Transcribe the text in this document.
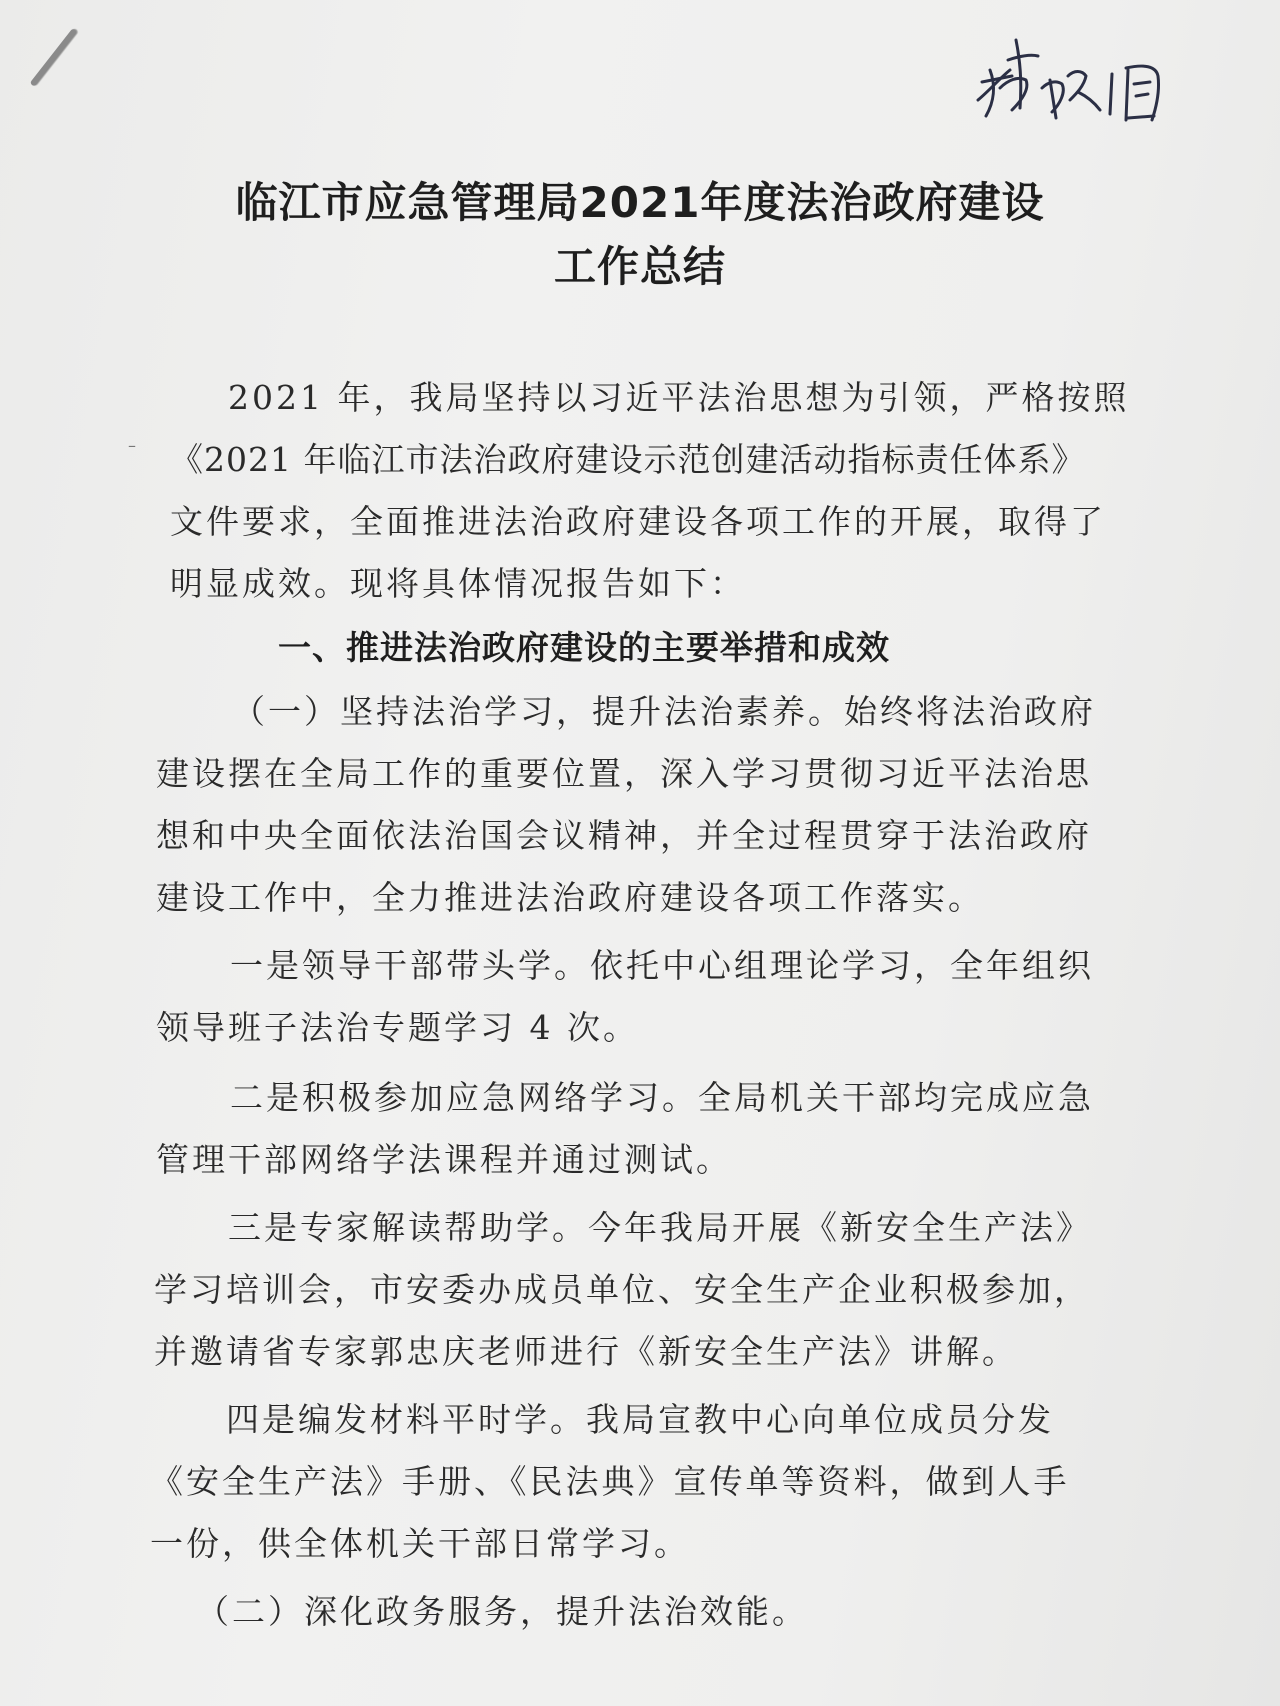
–
临江市应急管理局2021年度法治政府建设
工作总结
2021 年，我局坚持以习近平法治思想为引领，严格按照
《2021 年临江市法治政府建设示范创建活动指标责任体系》
文件要求，全面推进法治政府建设各项工作的开展，取得了
明显成效。现将具体情况报告如下：
一、推进法治政府建设的主要举措和成效
（一）坚持法治学习，提升法治素养。始终将法治政府
建设摆在全局工作的重要位置，深入学习贯彻习近平法治思
想和中央全面依法治国会议精神，并全过程贯穿于法治政府
建设工作中，全力推进法治政府建设各项工作落实。
一是领导干部带头学。依托中心组理论学习，全年组织
领导班子法治专题学习 4 次。
二是积极参加应急网络学习。全局机关干部均完成应急
管理干部网络学法课程并通过测试。
三是专家解读帮助学。今年我局开展《新安全生产法》
学习培训会，市安委办成员单位、安全生产企业积极参加，
并邀请省专家郭忠庆老师进行《新安全生产法》讲解。
四是编发材料平时学。我局宣教中心向单位成员分发
《安全生产法》手册、《民法典》宣传单等资料，做到人手
一份，供全体机关干部日常学习。
（二）深化政务服务，提升法治效能。
